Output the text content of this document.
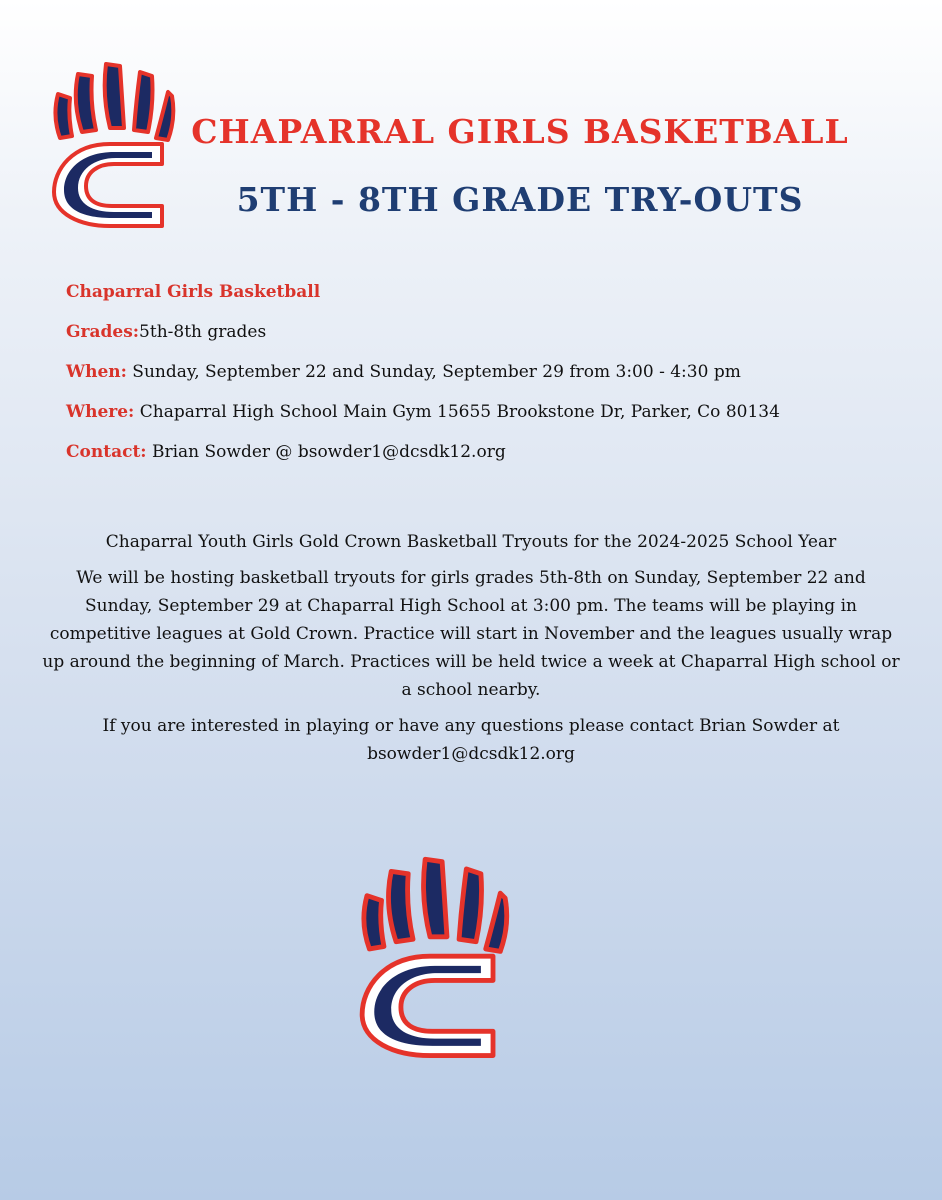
CHAPARRAL GIRLS BASKETBALL
5TH - 8TH GRADE TRY-OUTS
Chaparral Girls Basketball
Grades:5th-8th grades
When: Sunday, September 22 and Sunday, September 29 from 3:00 - 4:30 pm
Where: Chaparral High School Main Gym 15655 Brookstone Dr, Parker, Co 80134
Contact: Brian Sowder @ bsowder1@dcsdk12.org

Chaparral Youth Girls Gold Crown Basketball Tryouts for the 2024-2025 School Year

We will be hosting basketball tryouts for girls grades 5th-8th on Sunday, September 22 and Sunday, September 29 at Chaparral High School at 3:00 pm. The teams will be playing in competitive leagues at Gold Crown. Practice will start in November and the leagues usually wrap up around the beginning of March. Practices will be held twice a week at Chaparral High school or a school nearby.

If you are interested in playing or have any questions please contact Brian Sowder at bsowder1@dcsdk12.org
